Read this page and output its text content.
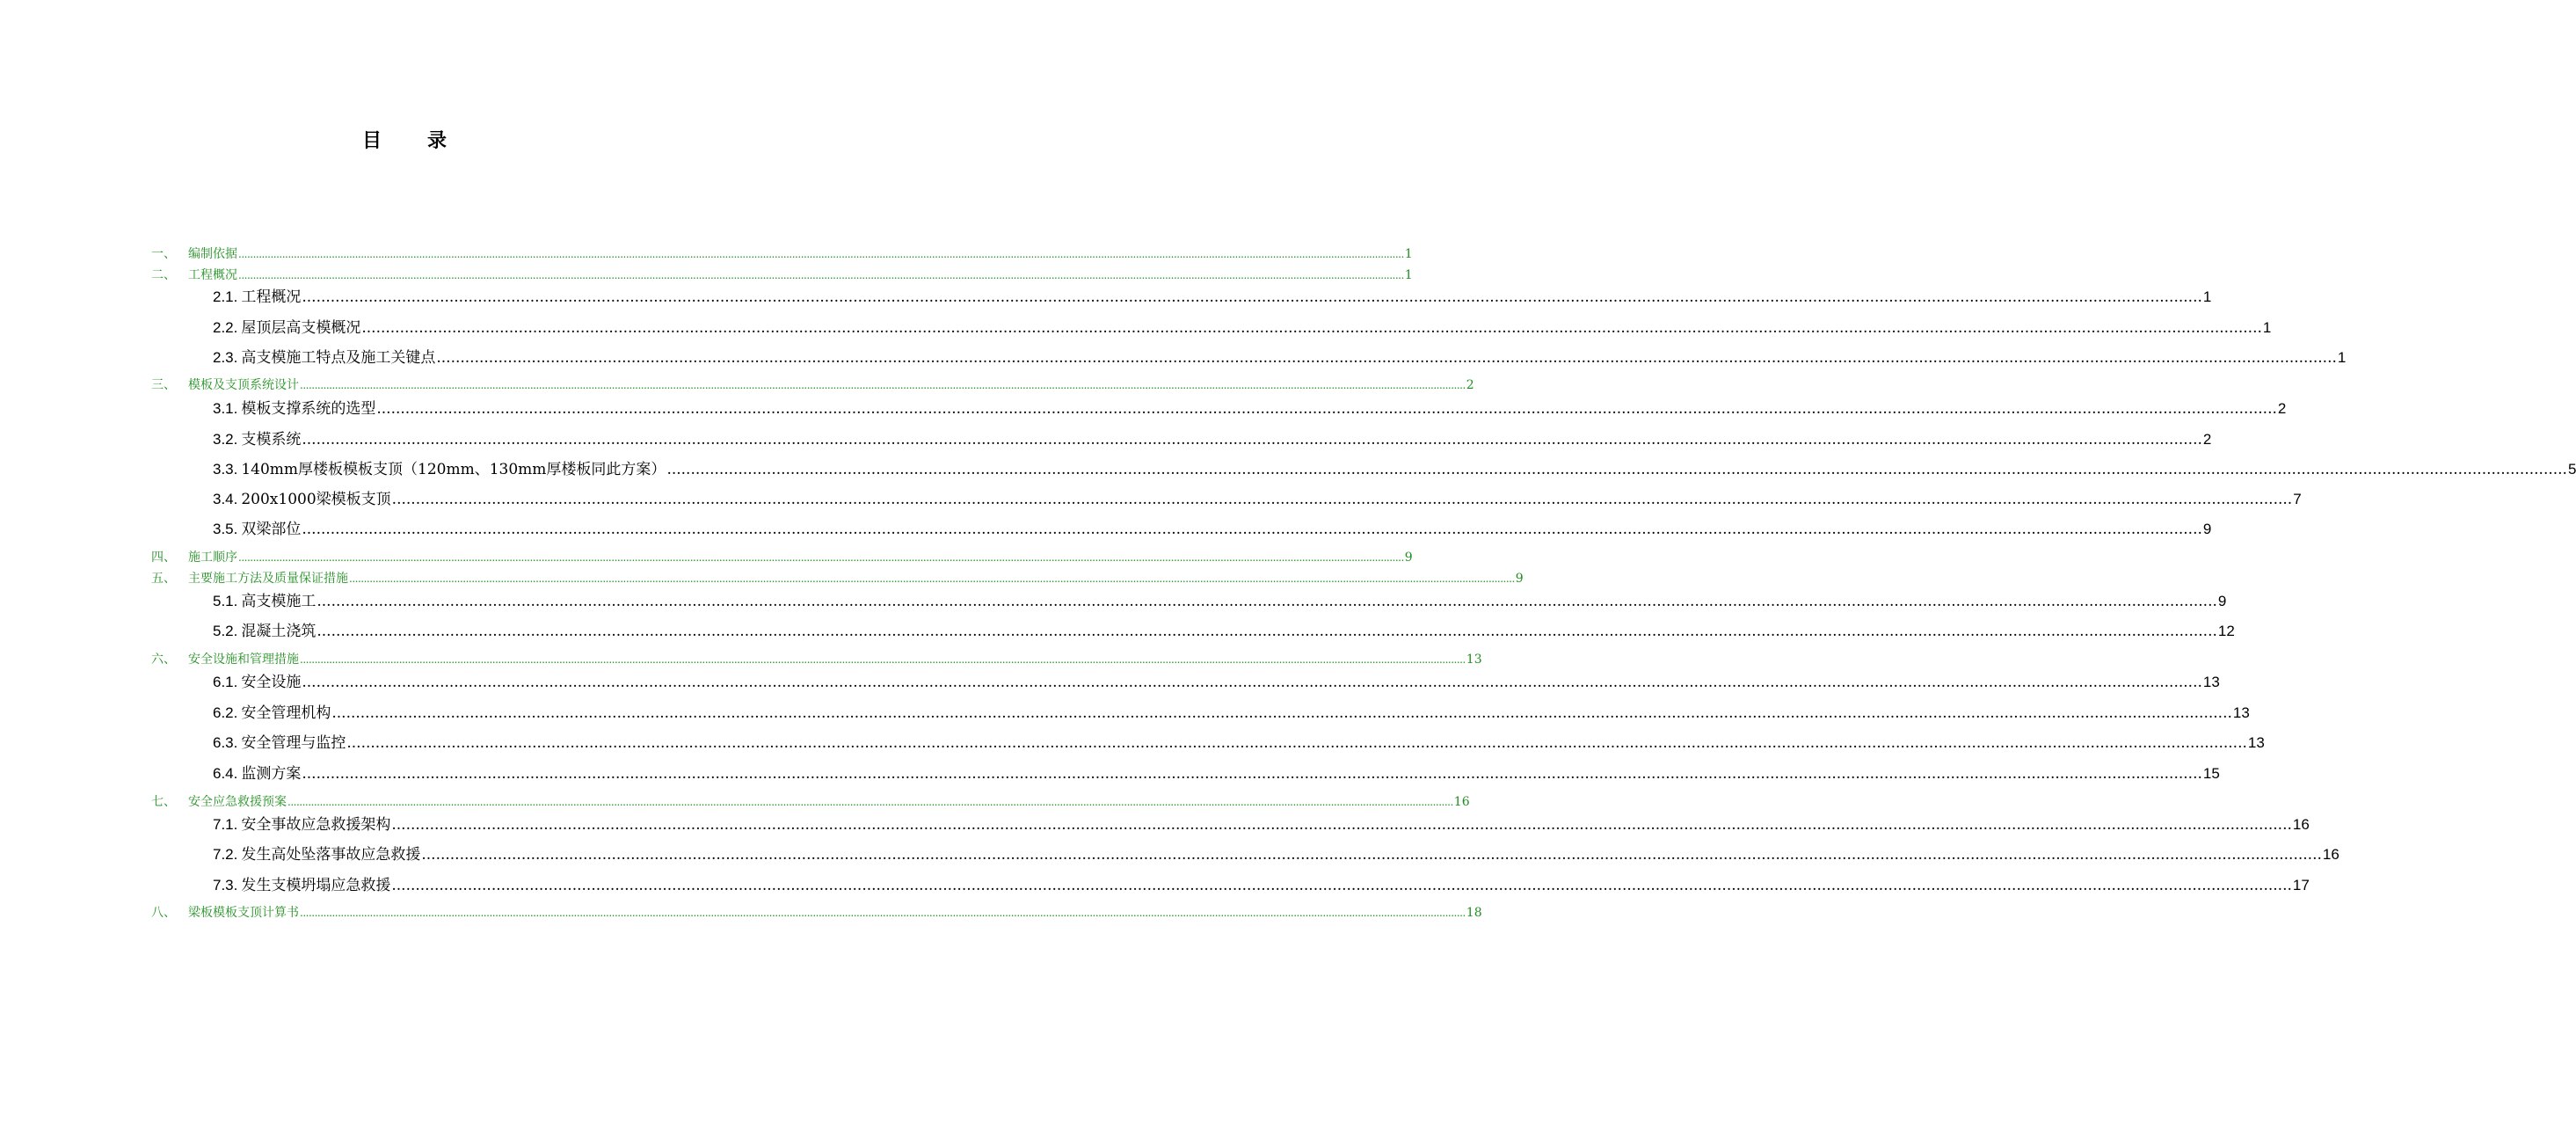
目 录
一、 编制依据 ................................................................................................................................................................................................................................................................................................................................................................................................................ 1
二、 工程概况 ................................................................................................................................................................................................................................................................................................................................................................................................................ 1
2.1. 工程概况 ................................................................................................................................................................................................................................................................................................................................................................................................................ 1
2.2. 屋顶层高支模概况 ................................................................................................................................................................................................................................................................................................................................................................................................................ 1
2.3. 高支模施工特点及施工关键点 ................................................................................................................................................................................................................................................................................................................................................................................................................ 1
三、 模板及支顶系统设计 ................................................................................................................................................................................................................................................................................................................................................................................................................ 2
3.1. 模板支撑系统的选型 ................................................................................................................................................................................................................................................................................................................................................................................................................ 2
3.2. 支模系统 ................................................................................................................................................................................................................................................................................................................................................................................................................ 2
3.3. 140mm厚楼板模板支顶（120mm、130mm厚楼板同此方案） ................................................................................................................................................................................................................................................................................................................................................................................................................ 5
3.4. 200x1000梁模板支顶 ................................................................................................................................................................................................................................................................................................................................................................................................................ 7
3.5. 双梁部位 ................................................................................................................................................................................................................................................................................................................................................................................................................ 9
四、 施工顺序 ................................................................................................................................................................................................................................................................................................................................................................................................................ 9
五、 主要施工方法及质量保证措施 ................................................................................................................................................................................................................................................................................................................................................................................................................ 9
5.1. 高支模施工 ................................................................................................................................................................................................................................................................................................................................................................................................................ 9
5.2. 混凝土浇筑 ................................................................................................................................................................................................................................................................................................................................................................................................................ 12
六、 安全设施和管理措施 ................................................................................................................................................................................................................................................................................................................................................................................................................ 13
6.1. 安全设施 ................................................................................................................................................................................................................................................................................................................................................................................................................ 13
6.2. 安全管理机构 ................................................................................................................................................................................................................................................................................................................................................................................................................ 13
6.3. 安全管理与监控 ................................................................................................................................................................................................................................................................................................................................................................................................................ 13
6.4. 监测方案 ................................................................................................................................................................................................................................................................................................................................................................................................................ 15
七、 安全应急救援预案 ................................................................................................................................................................................................................................................................................................................................................................................................................ 16
7.1. 安全事故应急救援架构 ................................................................................................................................................................................................................................................................................................................................................................................................................ 16
7.2. 发生高处坠落事故应急救援 ................................................................................................................................................................................................................................................................................................................................................................................................................ 16
7.3. 发生支模坍塌应急救援 ................................................................................................................................................................................................................................................................................................................................................................................................................ 17
八、 梁板模板支顶计算书 ................................................................................................................................................................................................................................................................................................................................................................................................................ 18
